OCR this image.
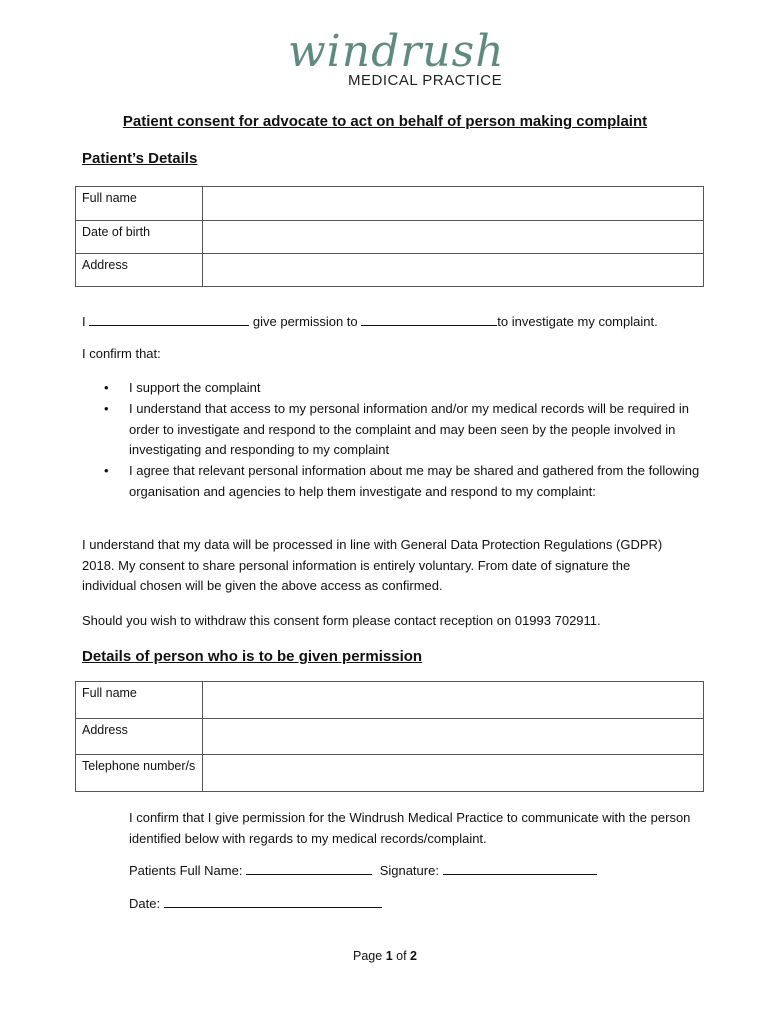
windrush
MEDICAL PRACTICE
Patient consent for advocate to act on behalf of person making complaint
Patient’s Details
Full name	
Date of birth	
Address	
I	give permission to	to investigate my complaint.
I confirm that:
• I support the complaint
• I understand that access to my personal information and/or my medical records will be required in order to investigate and respond to the complaint and may been seen by the people involved in investigating and responding to my complaint
• I agree that relevant personal information about me may be shared and gathered from the following organisation and agencies to help them investigate and respond to my complaint:
I understand that my data will be processed in line with General Data Protection Regulations (GDPR) 2018. My consent to share personal information is entirely voluntary. From date of signature the individual chosen will be given the above access as confirmed.
Should you wish to withdraw this consent form please contact reception on 01993 702911.
Details of person who is to be given permission
Full name	
Address	
Telephone number/s	
I confirm that I give permission for the Windrush Medical Practice to communicate with the person identified below with regards to my medical records/complaint.
Patients Full Name:	Signature:
Date:
Page 1 of 2
